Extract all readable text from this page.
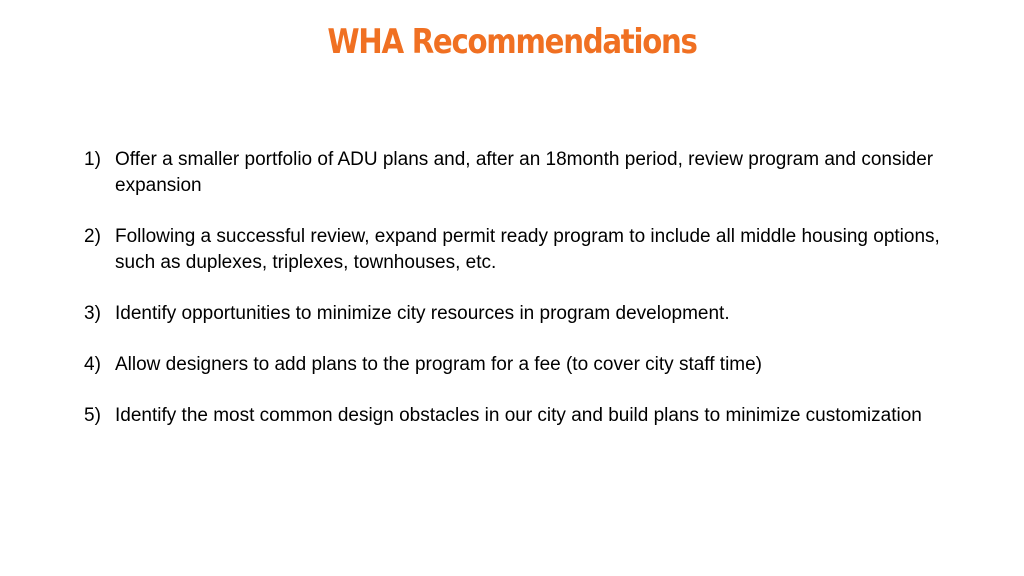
WHA Recommendations
1) Offer a smaller portfolio of ADU plans and, after an 18month period, review program and consider expansion
2) Following a successful review, expand permit ready program to include all middle housing options, such as duplexes, triplexes, townhouses, etc.
3) Identify opportunities to minimize city resources in program development.
4) Allow designers to add plans to the program for a fee (to cover city staff time)
5) Identify the most common design obstacles in our city and build plans to minimize customization
